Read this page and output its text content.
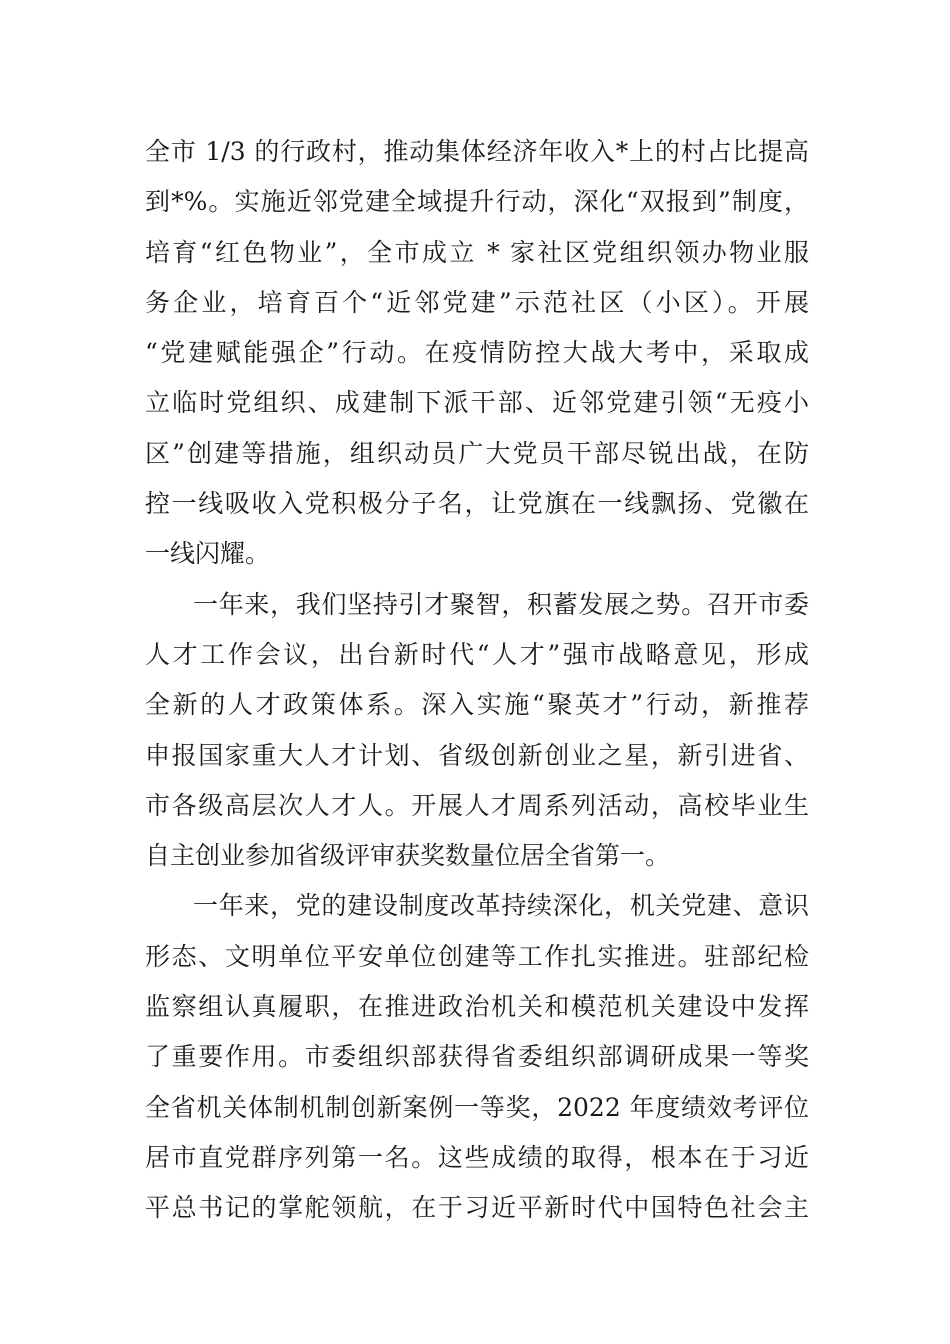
全市 1/3 的行政村，推动集体经济年收入*上的村占比提高
到*%。实施近邻党建全域提升行动，深化“双报到”制度，
培育“红色物业”，全市成立 * 家社区党组织领办物业服
务企业，培育百个“近邻党建”示范社区（小区）。开展
“党建赋能强企”行动。在疫情防控大战大考中，采取成
立临时党组织、成建制下派干部、近邻党建引领“无疫小
区”创建等措施，组织动员广大党员干部尽锐出战，在防
控一线吸收入党积极分子名，让党旗在一线飘扬、党徽在
一线闪耀。
一年来，我们坚持引才聚智，积蓄发展之势。召开市委
人才工作会议，出台新时代“人才”强市战略意见，形成
全新的人才政策体系。深入实施“聚英才”行动，新推荐
申报国家重大人才计划、省级创新创业之星，新引进省、
市各级高层次人才人。开展人才周系列活动，高校毕业生
自主创业参加省级评审获奖数量位居全省第一。
一年来，党的建设制度改革持续深化，机关党建、意识
形态、文明单位平安单位创建等工作扎实推进。驻部纪检
监察组认真履职，在推进政治机关和模范机关建设中发挥
了重要作用。市委组织部获得省委组织部调研成果一等奖
全省机关体制机制创新案例一等奖，2022 年度绩效考评位
居市直党群序列第一名。这些成绩的取得，根本在于习近
平总书记的掌舵领航，在于习近平新时代中国特色社会主
